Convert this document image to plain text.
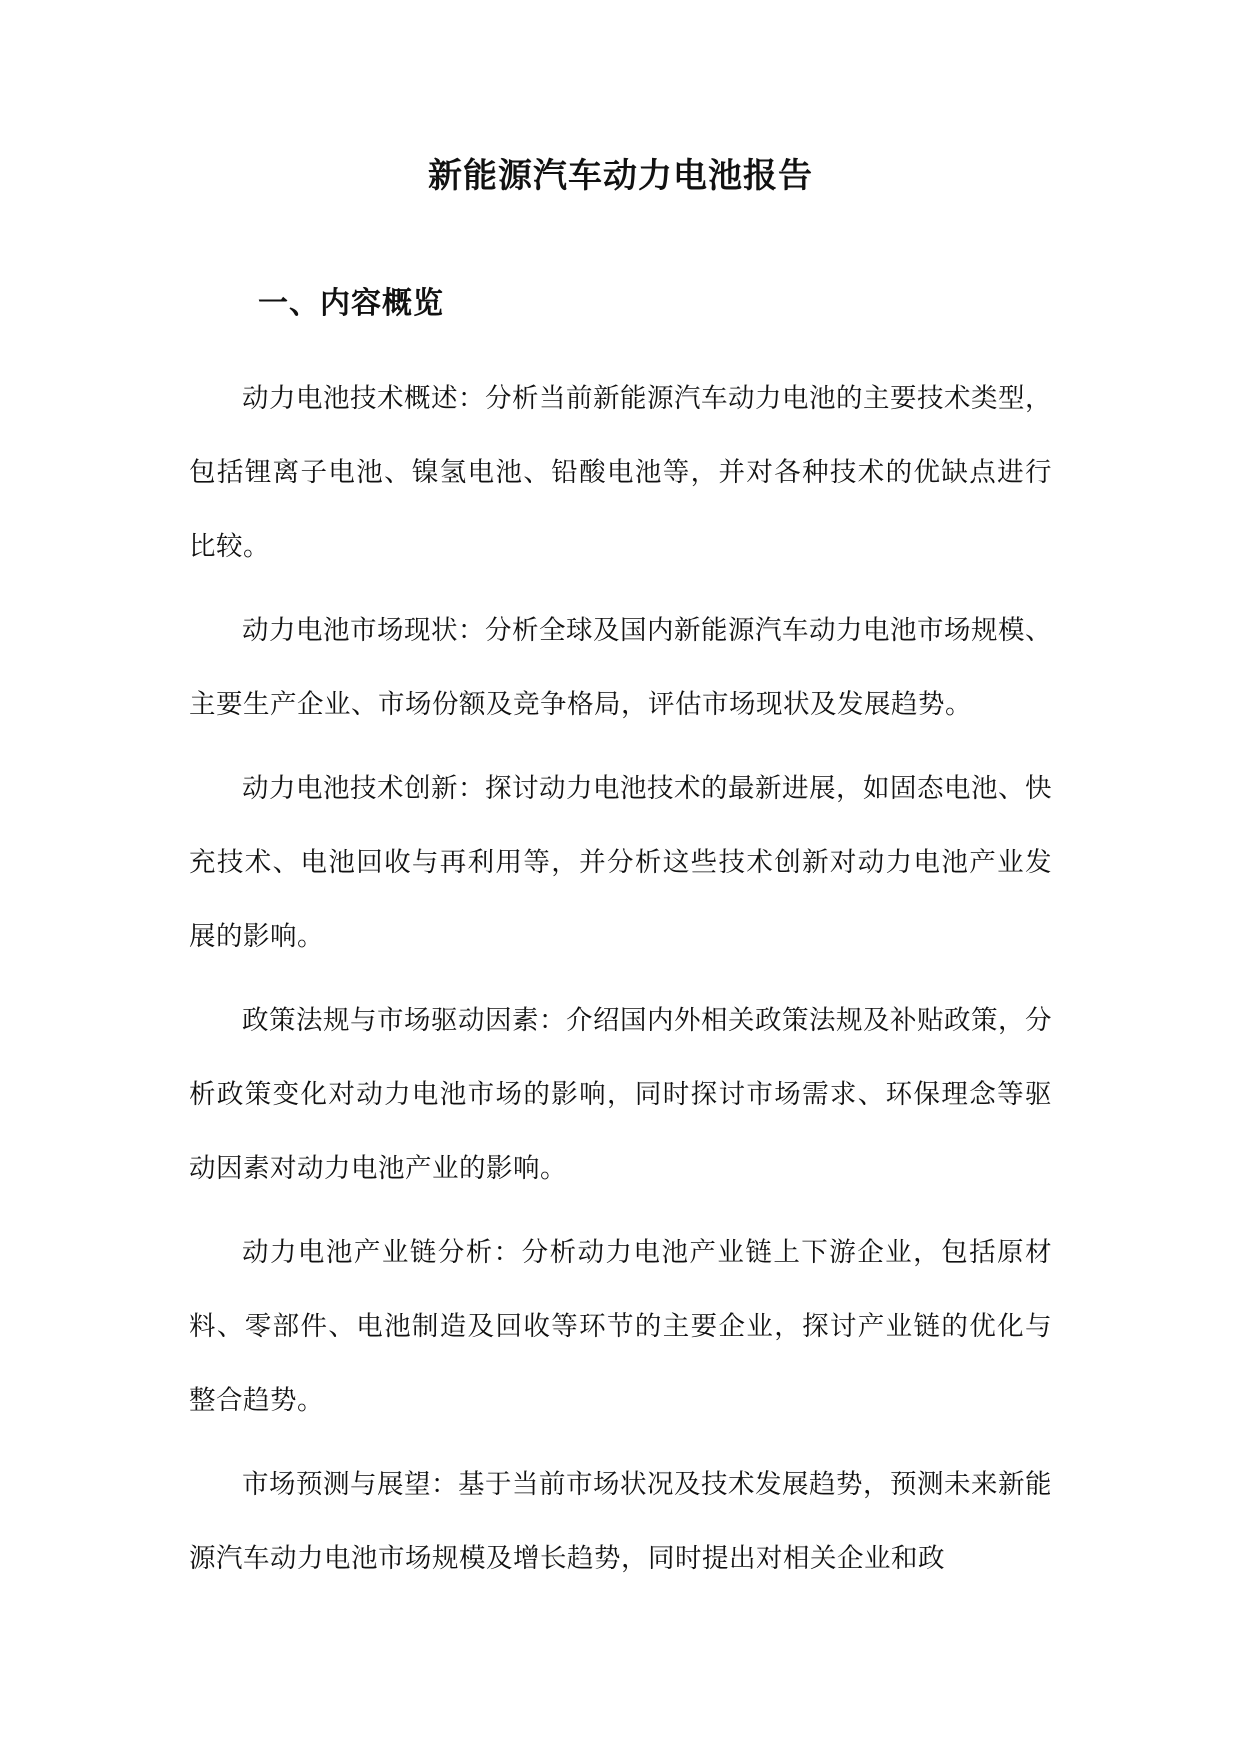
新能源汽车动力电池报告
一、内容概览

动力电池技术概述：分析当前新能源汽车动力电池的主要技术类型，包括锂离子电池、镍氢电池、铅酸电池等，并对各种技术的优缺点进行比较。

动力电池市场现状：分析全球及国内新能源汽车动力电池市场规模、主要生产企业、市场份额及竞争格局，评估市场现状及发展趋势。

动力电池技术创新：探讨动力电池技术的最新进展，如固态电池、快充技术、电池回收与再利用等，并分析这些技术创新对动力电池产业发展的影响。

政策法规与市场驱动因素：介绍国内外相关政策法规及补贴政策，分析政策变化对动力电池市场的影响，同时探讨市场需求、环保理念等驱动因素对动力电池产业的影响。

动力电池产业链分析：分析动力电池产业链上下游企业，包括原材料、零部件、电池制造及回收等环节的主要企业，探讨产业链的优化与整合趋势。

市场预测与展望：基于当前市场状况及技术发展趋势，预测未来新能源汽车动力电池市场规模及增长趋势，同时提出对相关企业和政
